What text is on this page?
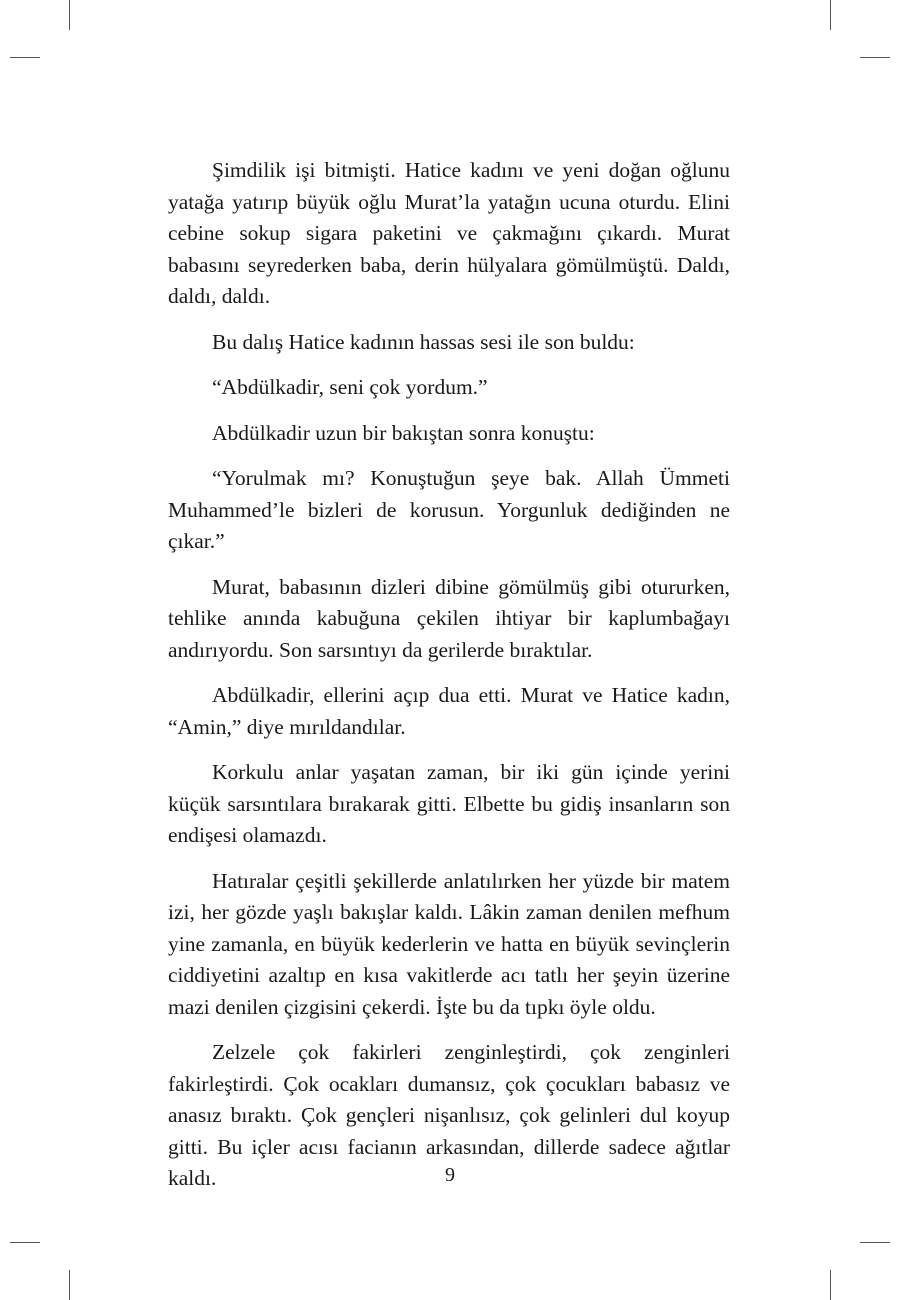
Şimdilik işi bitmişti. Hatice kadını ve yeni doğan oğlunu yatağa yatırıp büyük oğlu Murat’la yatağın ucuna oturdu. Elini cebine sokup sigara paketini ve çakmağını çıkardı. Murat babasını seyrederken baba, derin hülyalara gömülmüştü. Daldı, daldı, daldı.

Bu dalış Hatice kadının hassas sesi ile son buldu:

“Abdülkadir, seni çok yordum.”

Abdülkadir uzun bir bakıştan sonra konuştu:

“Yorulmak mı? Konuştuğun şeye bak. Allah Ümmeti Muhammed’le bizleri de korusun. Yorgunluk dediğinden ne çıkar.”

Murat, babasının dizleri dibine gömülmüş gibi otururken, tehlike anında kabuğuna çekilen ihtiyar bir kaplumbağayı andırıyordu. Son sarsıntıyı da gerilerde bıraktılar.

Abdülkadir, ellerini açıp dua etti. Murat ve Hatice kadın, “Amin,” diye mırıldandılar.

Korkulu anlar yaşatan zaman, bir iki gün içinde yerini küçük sarsıntılara bırakarak gitti. Elbette bu gidiş insanların son endişesi olamazdı.

Hatıralar çeşitli şekillerde anlatılırken her yüzde bir matem izi, her gözde yaşlı bakışlar kaldı. Lâkin zaman denilen mefhum yine zamanla, en büyük kederlerin ve hatta en büyük sevinçlerin ciddiyetini azaltıp en kısa vakitlerde acı tatlı her şeyin üzerine mazi denilen çizgisini çekerdi. İşte bu da tıpkı öyle oldu.

Zelzele çok fakirleri zenginleştirdi, çok zenginleri fakirleştirdi. Çok ocakları dumansız, çok çocukları babasız ve anasız bıraktı. Çok gençleri nişanlısız, çok gelinleri dul koyup gitti. Bu içler acısı facianın arkasından, dillerde sadece ağıtlar kaldı.	9
